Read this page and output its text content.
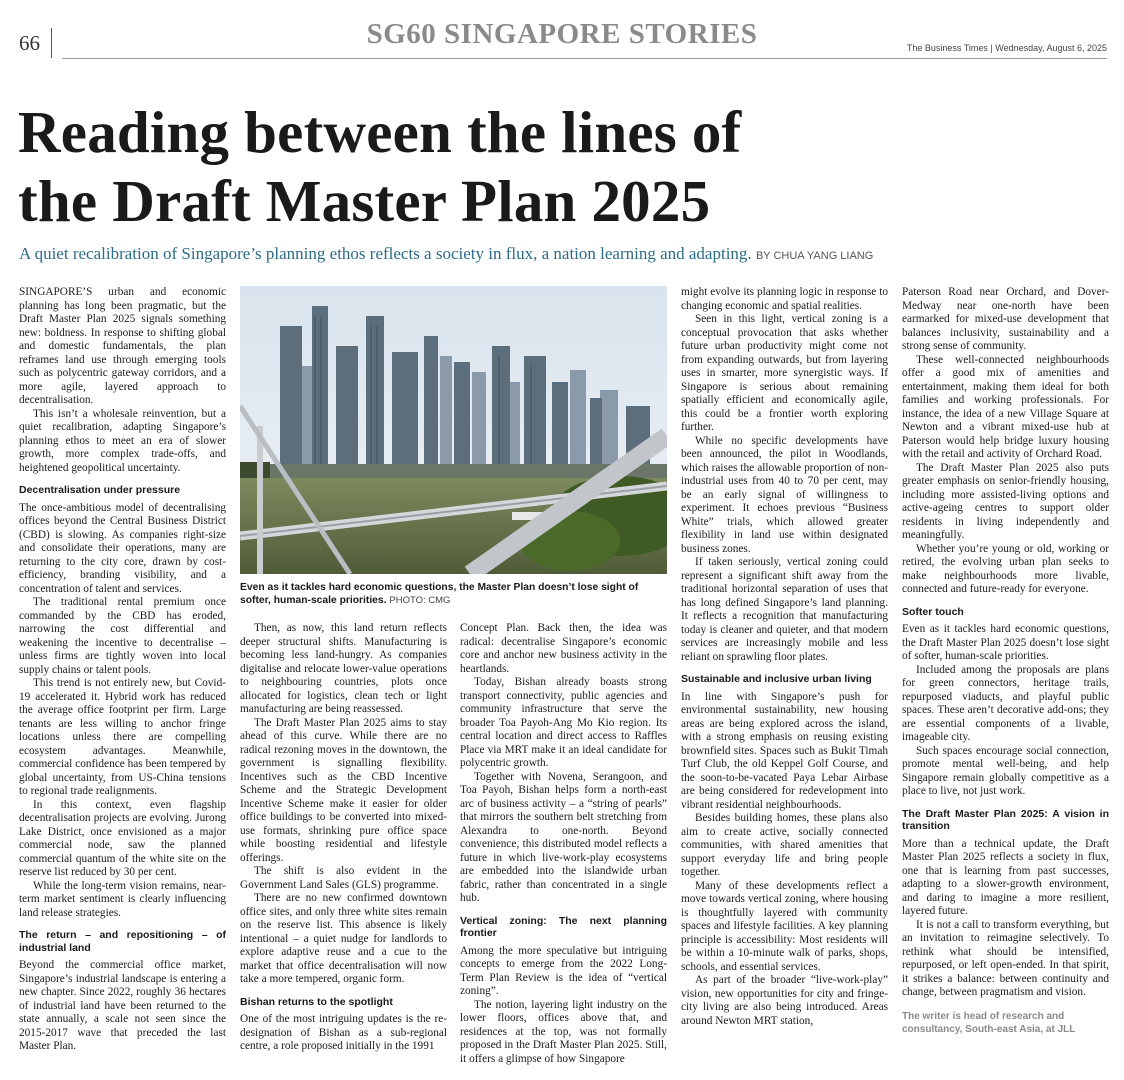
66	SG60 SINGAPORE STORIES	The Business Times | Wednesday, August 6, 2025
Reading between the lines of
the Draft Master Plan 2025
A quiet recalibration of Singapore’s planning ethos reflects a society in flux, a nation learning and adapting. BY CHUA YANG LIANG
Even as it tackles hard economic questions, the Master Plan doesn’t lose sight of softer, human-scale priorities. PHOTO: CMG

SINGAPORE’S urban and economic planning has long been pragmatic, but the Draft Master Plan 2025 signals something new: boldness. In response to shifting global and domestic fundamentals, the plan reframes land use through emerging tools such as polycentric gateway corridors, and a more agile, layered approach to decentralisation.

This isn’t a wholesale reinvention, but a quiet recalibration, adapting Singapore’s planning ethos to meet an era of slower growth, more complex trade-offs, and heightened geopolitical uncertainty.

Decentralisation under pressure

The once-ambitious model of decentralising offices beyond the Central Business District (CBD) is slowing. As companies right-size and consolidate their operations, many are returning to the city core, drawn by cost-efficiency, branding visibility, and a concentration of talent and services.

The traditional rental premium once commanded by the CBD has eroded, narrowing the cost differential and weakening the incentive to decentralise – unless firms are tightly woven into local supply chains or talent pools.

This trend is not entirely new, but Covid-19 accelerated it. Hybrid work has reduced the average office footprint per firm. Large tenants are less willing to anchor fringe locations unless there are compelling ecosystem advantages. Meanwhile, commercial confidence has been tempered by global uncertainty, from US-China tensions to regional trade realignments.

In this context, even flagship decentralisation projects are evolving. Jurong Lake District, once envisioned as a major commercial node, saw the planned commercial quantum of the white site on the reserve list reduced by 30 per cent.

While the long-term vision remains, near-term market sentiment is clearly influencing land release strategies.

The return – and repositioning – of industrial land

Beyond the commercial office market, Singapore’s industrial landscape is entering a new chapter. Since 2022, roughly 36 hectares of industrial land have been returned to the state annually, a scale not seen since the 2015-2017 wave that preceded the last Master Plan.

Then, as now, this land return reflects deeper structural shifts. Manufacturing is becoming less land-hungry. As companies digitalise and relocate lower-value operations to neighbouring countries, plots once allocated for logistics, clean tech or light manufacturing are being reassessed.

The Draft Master Plan 2025 aims to stay ahead of this curve. While there are no radical rezoning moves in the downtown, the government is signalling flexibility. Incentives such as the CBD Incentive Scheme and the Strategic Development Incentive Scheme make it easier for older office buildings to be converted into mixed-use formats, shrinking pure office space while boosting residential and lifestyle offerings.

The shift is also evident in the Government Land Sales (GLS) programme.

There are no new confirmed downtown office sites, and only three white sites remain on the reserve list. This absence is likely intentional – a quiet nudge for landlords to explore adaptive reuse and a cue to the market that office decentralisation will now take a more tempered, organic form.

Bishan returns to the spotlight

One of the most intriguing updates is the re-designation of Bishan as a sub-regional centre, a role proposed initially in the 1991

Concept Plan. Back then, the idea was radical: decentralise Singapore’s economic core and anchor new business activity in the heartlands.

Today, Bishan already boasts strong transport connectivity, public agencies and community infrastructure that serve the broader Toa Payoh-Ang Mo Kio region. Its central location and direct access to Raffles Place via MRT make it an ideal candidate for polycentric growth.

Together with Novena, Serangoon, and Toa Payoh, Bishan helps form a north-east arc of business activity – a “string of pearls” that mirrors the southern belt stretching from Alexandra to one-north. Beyond convenience, this distributed model reflects a future in which live-work-play ecosystems are embedded into the islandwide urban fabric, rather than concentrated in a single hub.

Vertical zoning: The next planning frontier

Among the more speculative but intriguing concepts to emerge from the 2022 Long-Term Plan Review is the idea of “vertical zoning”.

The notion, layering light industry on the lower floors, offices above that, and residences at the top, was not formally proposed in the Draft Master Plan 2025. Still, it offers a glimpse of how Singapore

might evolve its planning logic in response to changing economic and spatial realities.

Seen in this light, vertical zoning is a conceptual provocation that asks whether future urban productivity might come not from expanding outwards, but from layering uses in smarter, more synergistic ways. If Singapore is serious about remaining spatially efficient and economically agile, this could be a frontier worth exploring further.

While no specific developments have been announced, the pilot in Woodlands, which raises the allowable proportion of non-industrial uses from 40 to 70 per cent, may be an early signal of willingness to experiment. It echoes previous “Business White” trials, which allowed greater flexibility in land use within designated business zones.

If taken seriously, vertical zoning could represent a significant shift away from the traditional horizontal separation of uses that has long defined Singapore’s land planning. It reflects a recognition that manufacturing today is cleaner and quieter, and that modern services are increasingly mobile and less reliant on sprawling floor plates.

Sustainable and inclusive urban living

In line with Singapore’s push for environmental sustainability, new housing areas are being explored across the island, with a strong emphasis on reusing existing brownfield sites. Spaces such as Bukit Timah Turf Club, the old Keppel Golf Course, and the soon-to-be-vacated Paya Lebar Airbase are being considered for redevelopment into vibrant residential neighbourhoods.

Besides building homes, these plans also aim to create active, socially connected communities, with shared amenities that support everyday life and bring people together.

Many of these developments reflect a move towards vertical zoning, where housing is thoughtfully layered with community spaces and lifestyle facilities. A key planning principle is accessibility: Most residents will be within a 10-minute walk of parks, shops, schools, and essential services.

As part of the broader “live-work-play” vision, new opportunities for city and fringe-city living are also being introduced. Areas around Newton MRT station,

Paterson Road near Orchard, and Dover-Medway near one-north have been earmarked for mixed-use development that balances inclusivity, sustainability and a strong sense of community.

These well-connected neighbourhoods offer a good mix of amenities and entertainment, making them ideal for both families and working professionals. For instance, the idea of a new Village Square at Newton and a vibrant mixed-use hub at Paterson would help bridge luxury housing with the retail and activity of Orchard Road.

The Draft Master Plan 2025 also puts greater emphasis on senior-friendly housing, including more assisted-living options and active-ageing centres to support older residents in living independently and meaningfully.

Whether you’re young or old, working or retired, the evolving urban plan seeks to make neighbourhoods more livable, connected and future-ready for everyone.

Softer touch

Even as it tackles hard economic questions, the Draft Master Plan 2025 doesn’t lose sight of softer, human-scale priorities.

Included among the proposals are plans for green connectors, heritage trails, repurposed viaducts, and playful public spaces. These aren’t decorative add-ons; they are essential components of a livable, imageable city.

Such spaces encourage social connection, promote mental well-being, and help Singapore remain globally competitive as a place to live, not just work.

The Draft Master Plan 2025: A vision in transition

More than a technical update, the Draft Master Plan 2025 reflects a society in flux, one that is learning from past successes, adapting to a slower-growth environment, and daring to imagine a more resilient, layered future.

It is not a call to transform everything, but an invitation to reimagine selectively. To rethink what should be intensified, repurposed, or left open-ended. In that spirit, it strikes a balance: between continuity and change, between pragmatism and vision.

The writer is head of research and consultancy, South-east Asia, at JLL
